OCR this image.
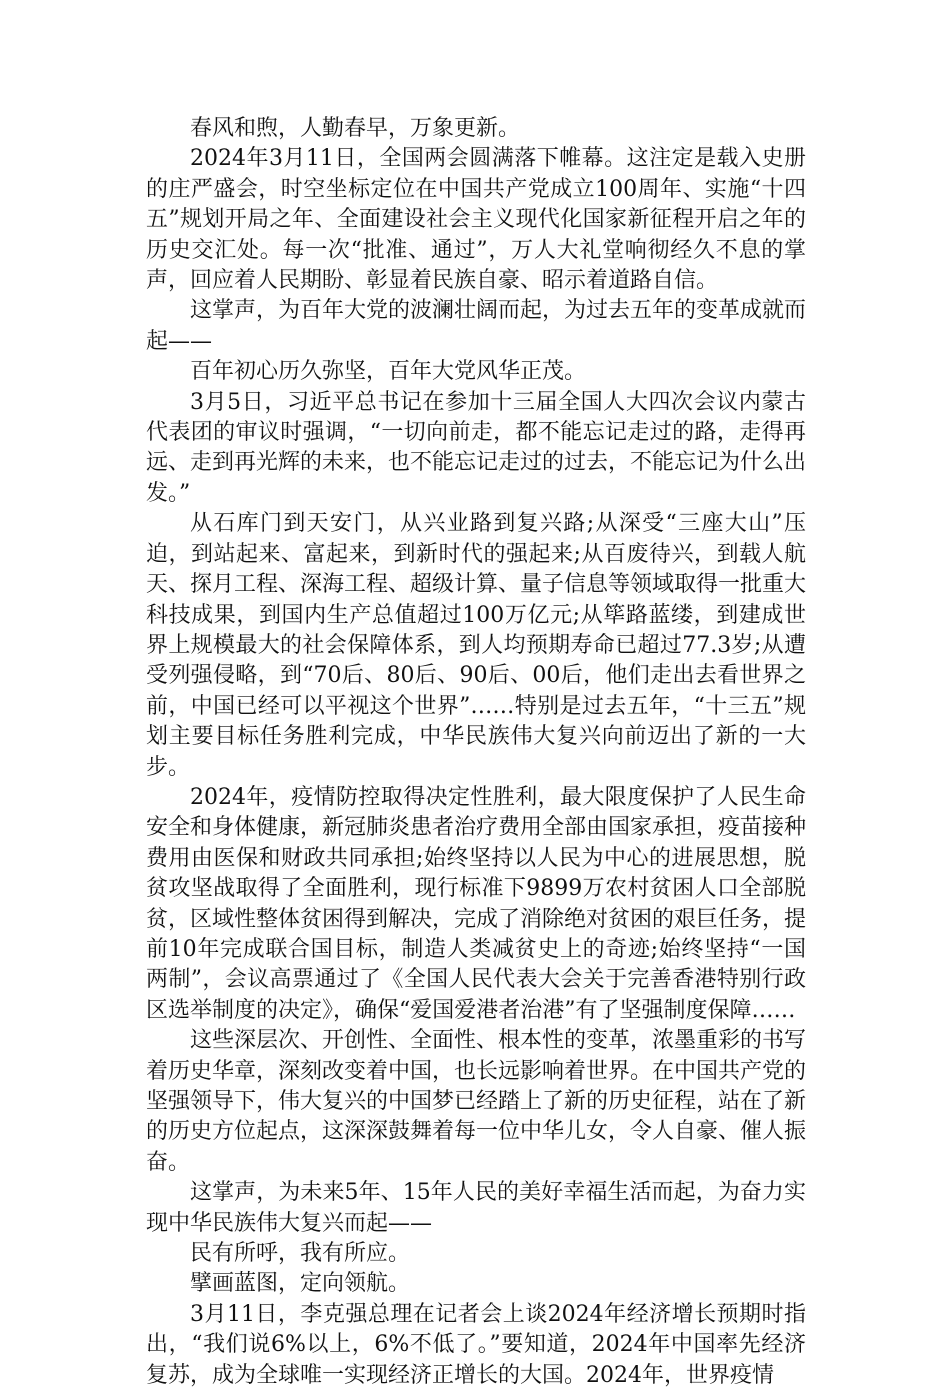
春风和煦，人勤春早，万象更新。

2024年3月11日，全国两会圆满落下帷幕。这注定是载入史册的庄严盛会，时空坐标定位在中国共产党成立100周年、实施“十四五”规划开局之年、全面建设社会主义现代化国家新征程开启之年的历史交汇处。每一次“批准、通过”，万人大礼堂响彻经久不息的掌声，回应着人民期盼、彰显着民族自豪、昭示着道路自信。

这掌声，为百年大党的波澜壮阔而起，为过去五年的变革成就而起——

百年初心历久弥坚，百年大党风华正茂。

3月5日，习近平总书记在参加十三届全国人大四次会议内蒙古代表团的审议时强调，“一切向前走，都不能忘记走过的路，走得再远、走到再光辉的未来，也不能忘记走过的过去，不能忘记为什么出发。”

从石库门到天安门，从兴业路到复兴路;从深受“三座大山”压迫，到站起来、富起来，到新时代的强起来;从百废待兴，到载人航天、探月工程、深海工程、超级计算、量子信息等领域取得一批重大科技成果，到国内生产总值超过100万亿元;从筚路蓝缕，到建成世界上规模最大的社会保障体系，到人均预期寿命已超过77.3岁;从遭受列强侵略，到“70后、80后、90后、00后，他们走出去看世界之前，中国已经可以平视这个世界”……特别是过去五年，“十三五”规划主要目标任务胜利完成，中华民族伟大复兴向前迈出了新的一大步。

2024年，疫情防控取得决定性胜利，最大限度保护了人民生命安全和身体健康，新冠肺炎患者治疗费用全部由国家承担，疫苗接种费用由医保和财政共同承担;始终坚持以人民为中心的进展思想，脱贫攻坚战取得了全面胜利，现行标准下9899万农村贫困人口全部脱贫，区域性整体贫困得到解决，完成了消除绝对贫困的艰巨任务，提前10年完成联合国目标，制造人类减贫史上的奇迹;始终坚持“一国两制”，会议高票通过了《全国人民代表大会关于完善香港特别行政区选举制度的决定》，确保“爱国爱港者治港”有了坚强制度保障……

这些深层次、开创性、全面性、根本性的变革，浓墨重彩的书写着历史华章，深刻改变着中国，也长远影响着世界。在中国共产党的坚强领导下，伟大复兴的中国梦已经踏上了新的历史征程，站在了新的历史方位起点，这深深鼓舞着每一位中华儿女，令人自豪、催人振奋。

这掌声，为未来5年、15年人民的美好幸福生活而起，为奋力实现中华民族伟大复兴而起——

民有所呼，我有所应。

擘画蓝图，定向领航。

3月11日，李克强总理在记者会上谈2024年经济增长预期时指出，“我们说6%以上，6%不低了。”要知道，2024年中国率先经济复苏，成为全球唯一实现经济正增长的大国。2024年，世界疫情
